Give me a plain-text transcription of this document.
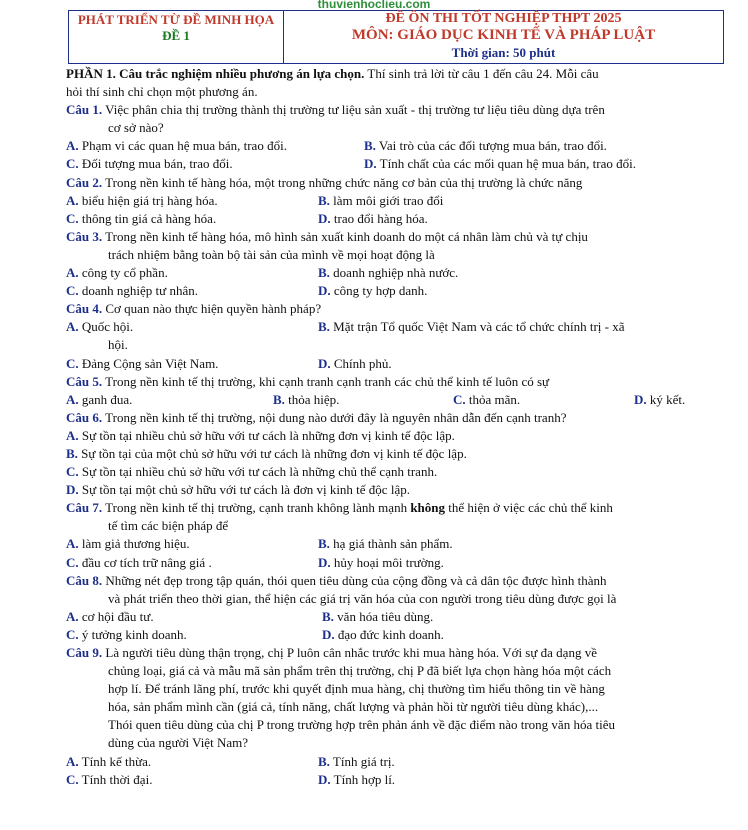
thuvienhoclieu.com
PHÁT TRIỂN TỪ ĐỀ MINH HỌA
ĐỀ 1
ĐỀ ÔN THI TỐT NGHIỆP THPT 2025
MÔN: GIÁO DỤC KINH TẾ VÀ PHÁP LUẬT
Thời gian: 50 phút
PHẦN 1. Câu trắc nghiệm nhiều phương án lựa chọn. Thí sinh trả lời từ câu 1 đến câu 24. Mỗi câu
hỏi thí sinh chỉ chọn một phương án.
Câu 1. Việc phân chia thị trường thành thị trường tư liệu sản xuất - thị trường tư liệu tiêu dùng dựa trên
cơ sở nào?
A. Phạm vi các quan hệ mua bán, trao đổi.	B. Vai trò của các đối tượng mua bán, trao đổi.
C. Đối tượng mua bán, trao đổi.	D. Tính chất của các mối quan hệ mua bán, trao đổi.
Câu 2. Trong nền kinh tế hàng hóa, một trong những chức năng cơ bản của thị trường là chức năng
A. biểu hiện giá trị hàng hóa.	B. làm môi giới trao đổi
C. thông tin giá cả hàng hóa.	D. trao đổi hàng hóa.
Câu 3. Trong nền kinh tế hàng hóa, mô hình sản xuất kinh doanh do một cá nhân làm chủ và tự chịu
trách nhiệm bằng toàn bộ tài sản của mình về mọi hoạt động là
A. công ty cổ phần.	B. doanh nghiệp nhà nước.
C. doanh nghiệp tư nhân.	D. công ty hợp danh.
Câu 4. Cơ quan nào thực hiện quyền hành pháp?
A. Quốc hội.	B. Mặt trận Tổ quốc Việt Nam và các tổ chức chính trị - xã
hội.
C. Đảng Cộng sản Việt Nam.	D. Chính phủ.
Câu 5. Trong nền kinh tế thị trường, khi cạnh tranh cạnh tranh các chủ thể kinh tế luôn có sự
A. ganh đua.	B. thỏa hiệp.	C. thỏa mãn.	D. ký kết.
Câu 6. Trong nền kinh tế thị trường, nội dung nào dưới đây là nguyên nhân dẫn đến cạnh tranh?
A. Sự tồn tại nhiều chủ sở hữu với tư cách là những đơn vị kinh tế độc lập.
B. Sự tồn tại của một chủ sở hữu với tư cách là những đơn vị kinh tế độc lập.
C. Sự tồn tại nhiều chủ sở hữu với tư cách là những chủ thể cạnh tranh.
D. Sự tồn tại một chủ sở hữu với tư cách là đơn vị kinh tế độc lập.
Câu 7. Trong nền kinh tế thị trường, cạnh tranh không lành mạnh không thể hiện ở việc các chủ thể kinh
tế tìm các biện pháp để
A. làm giả thương hiệu.	B. hạ giá thành sản phẩm.
C. đầu cơ tích trữ nâng giá .	D. hủy hoại môi trường.
Câu 8. Những nét đẹp trong tập quán, thói quen tiêu dùng của cộng đồng và cả dân tộc được hình thành
và phát triển theo thời gian, thể hiện các giá trị văn hóa của con người trong tiêu dùng được gọi là
A. cơ hội đầu tư.	B. văn hóa tiêu dùng.
C. ý tưởng kinh doanh.	D. đạo đức kinh doanh.
Câu 9. Là người tiêu dùng thận trọng, chị P luôn cân nhắc trước khi mua hàng hóa. Với sự đa dạng về
chủng loại, giá cả và mẫu mã sản phẩm trên thị trường, chị P đã biết lựa chọn hàng hóa một cách
hợp lí. Để tránh lãng phí, trước khi quyết định mua hàng, chị thường tìm hiểu thông tin về hàng
hóa, sản phẩm mình cần (giá cả, tính năng, chất lượng và phản hồi từ người tiêu dùng khác),...
Thói quen tiêu dùng của chị P trong trường hợp trên phản ánh về đặc điểm nào trong văn hóa tiêu
dùng của người Việt Nam?
A. Tính kế thừa.	B. Tính giá trị.
C. Tính thời đại.	D. Tính hợp lí.
